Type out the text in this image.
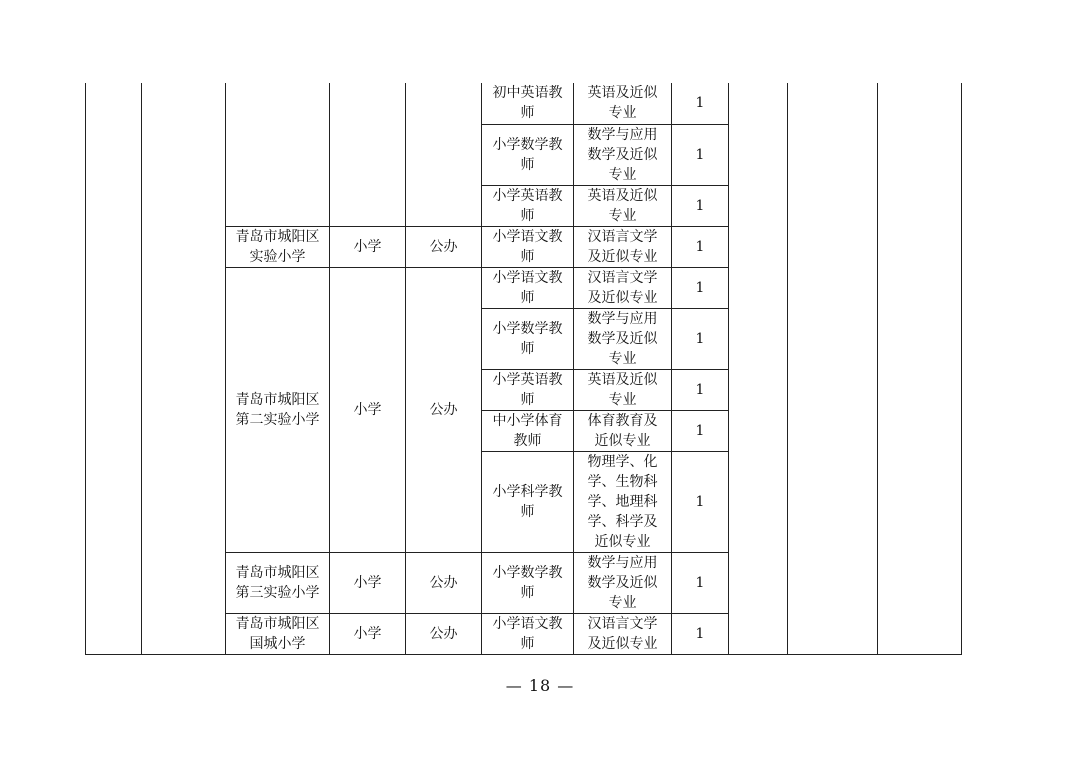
					初中英语教师	英语及近似专业	1			
					小学数学教师	数学与应用数学及近似专业	1			
					小学英语教师	英语及近似专业	1			
		青岛市城阳区实验小学	小学	公办	小学语文教师	汉语言文学及近似专业	1			
		青岛市城阳区第二实验小学	小学	公办	小学语文教师	汉语言文学及近似专业	1			
					小学数学教师	数学与应用数学及近似专业	1			
					小学英语教师	英语及近似专业	1			
					中小学体育教师	体育教育及近似专业	1			
					小学科学教师	物理学、化学、生物科学、地理科学、科学及近似专业	1			
		青岛市城阳区第三实验小学	小学	公办	小学数学教师	数学与应用数学及近似专业	1			
		青岛市城阳区国城小学	小学	公办	小学语文教师	汉语言文学及近似专业	1			
— 18 —
